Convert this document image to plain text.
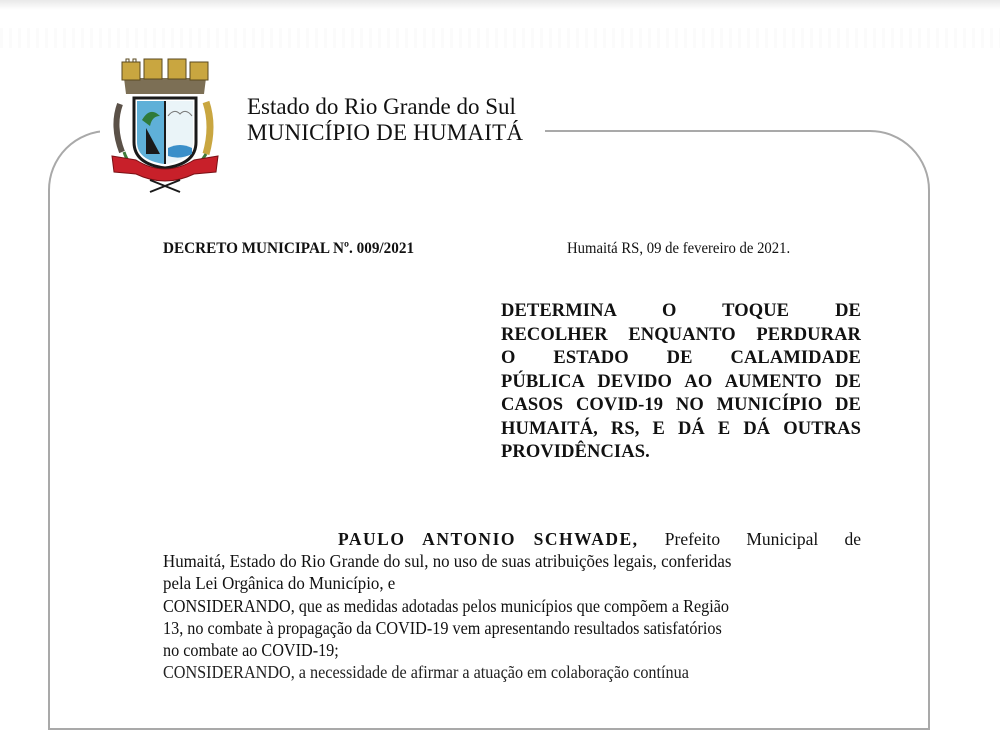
Estado do Rio Grande do Sul
MUNICÍPIO DE HUMAITÁ
DECRETO MUNICIPAL Nº. 009/2021	Humaitá RS, 09 de fevereiro de 2021.
DETERMINA O TOQUE DE
RECOLHER ENQUANTO PERDURAR
O ESTADO DE CALAMIDADE
PÚBLICA DEVIDO AO AUMENTO DE
CASOS COVID-19 NO MUNICÍPIO DE
HUMAITÁ, RS, E DÁ E DÁ OUTRAS
PROVIDÊNCIAS.
PAULO ANTONIO SCHWADE, Prefeito Municipal de
Humaitá, Estado do Rio Grande do sul, no uso de suas atribuições legais, conferidas
pela Lei Orgânica do Município, e
CONSIDERANDO, que as medidas adotadas pelos municípios que compõem a Região
13, no combate à propagação da COVID-19 vem apresentando resultados satisfatórios
no combate ao COVID-19;
CONSIDERANDO, a necessidade de afirmar a atuação em colaboração contínua
